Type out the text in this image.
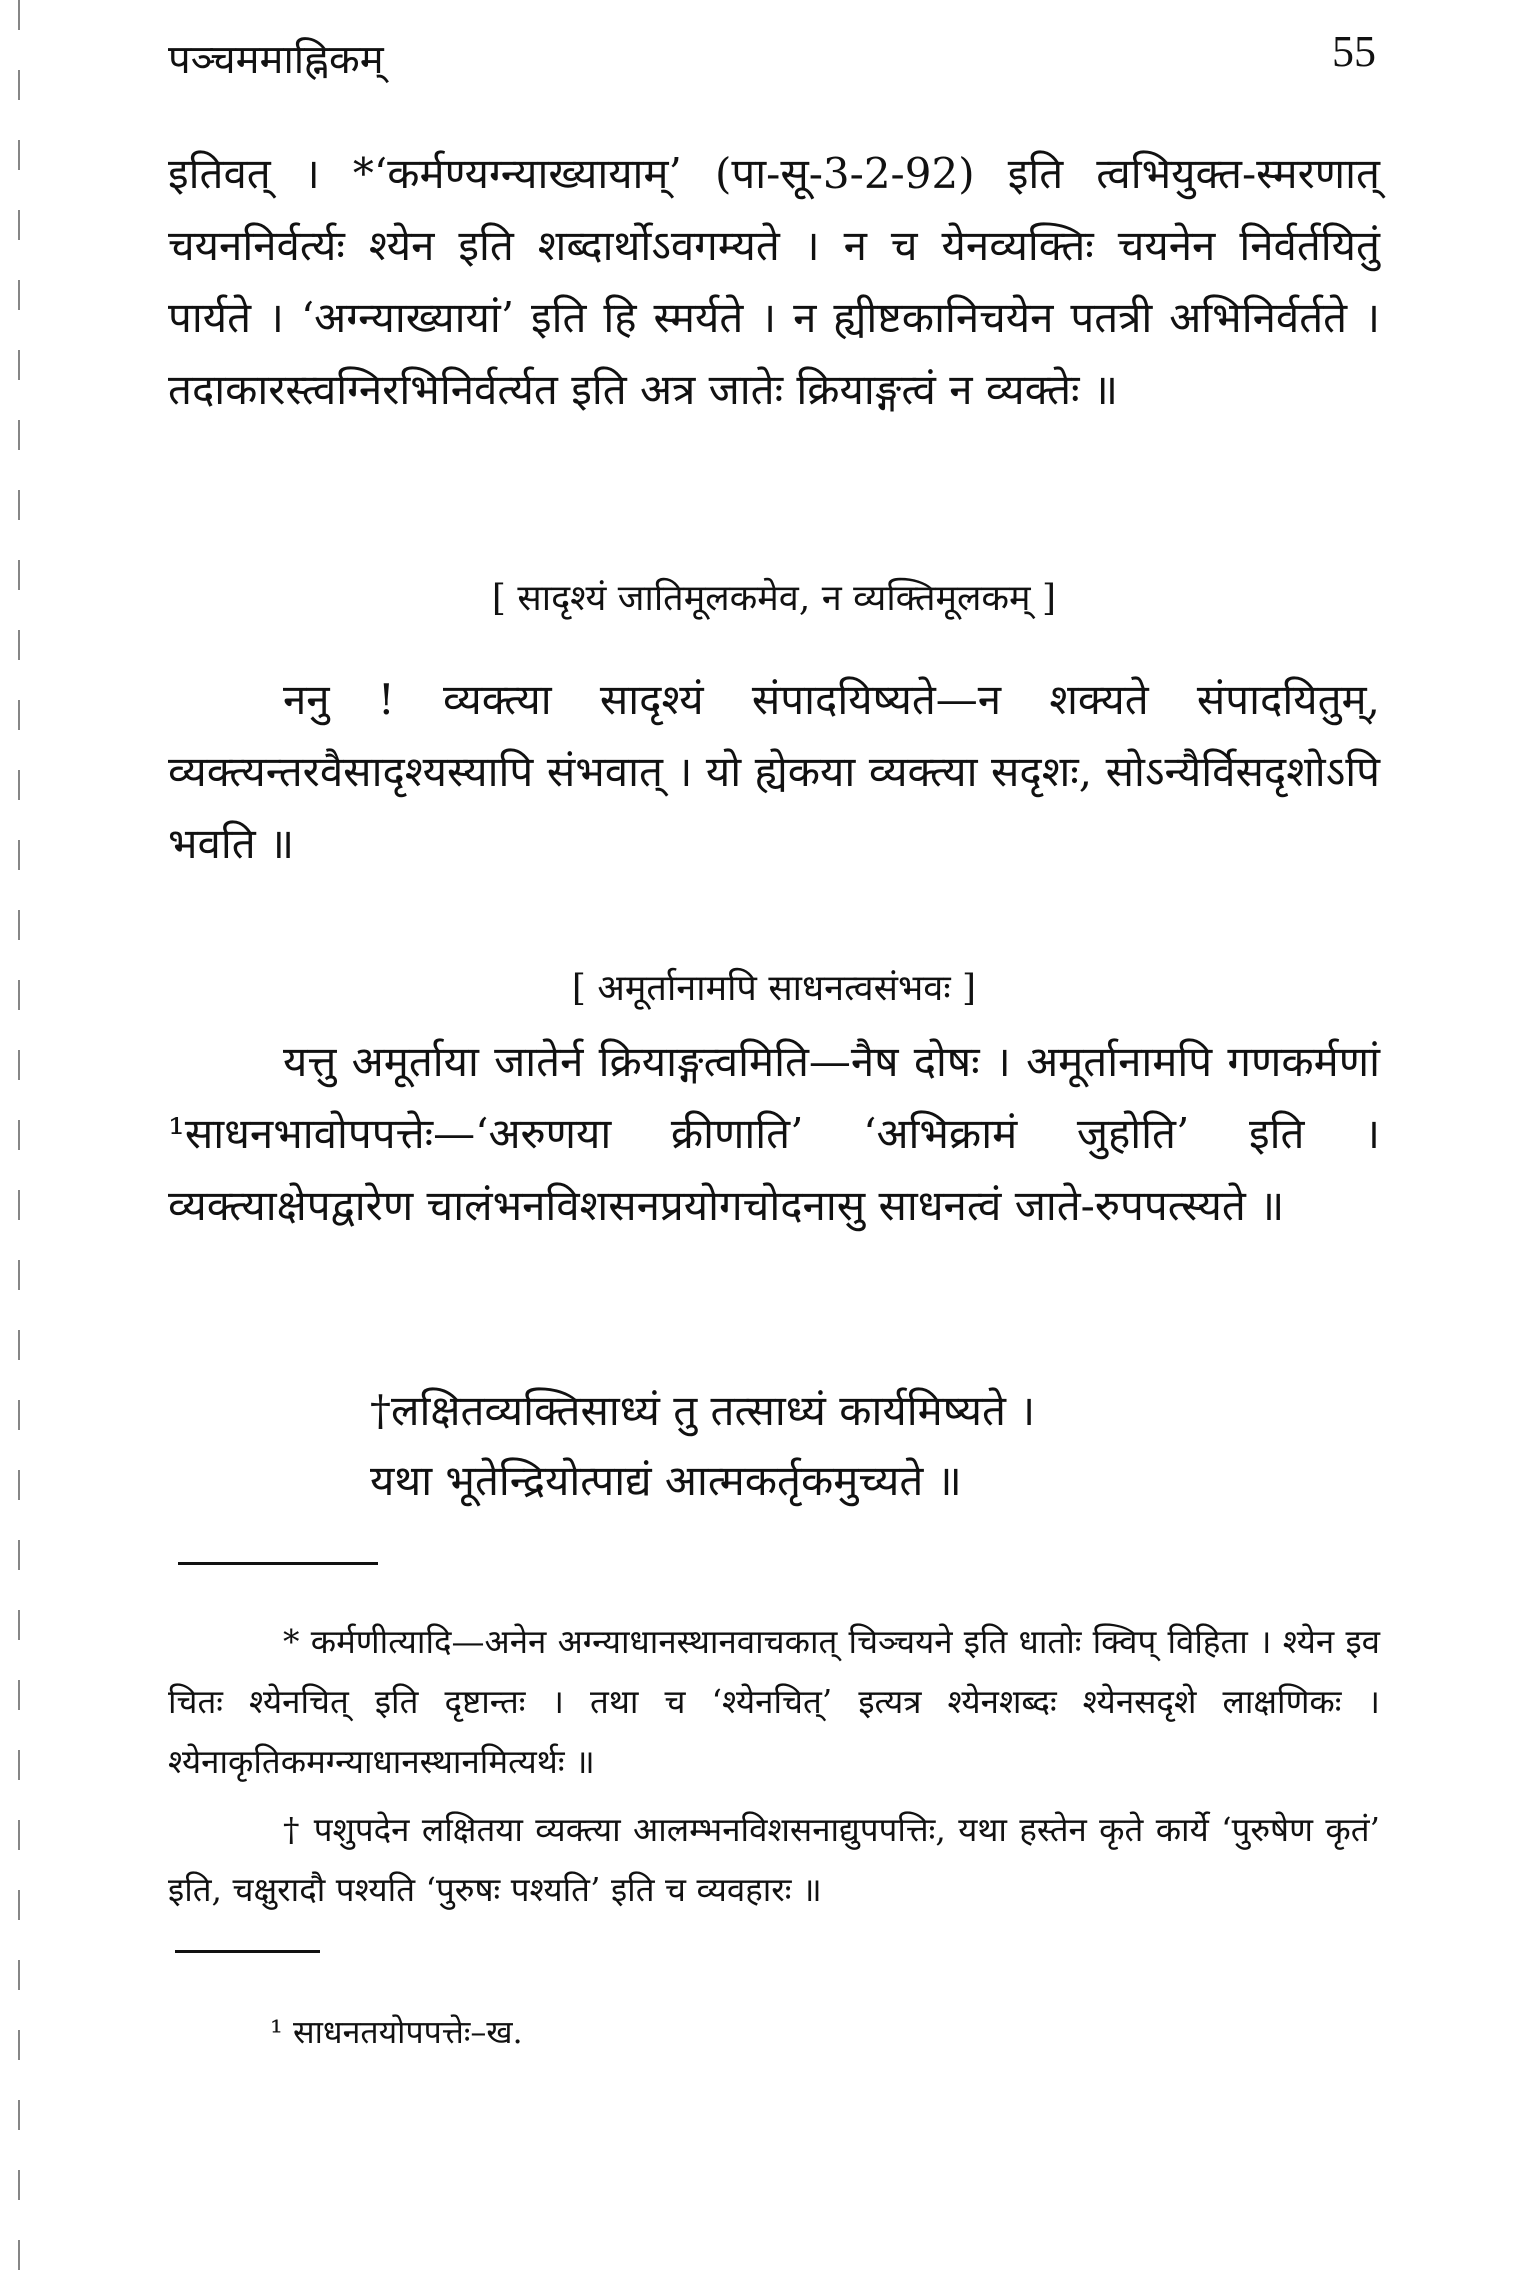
पञ्चममाह्निकम्	55

इतिवत् । *‘कर्मण्यग्न्याख्यायाम्’ (पा-सू-3-2-92) इति त्वभियुक्त-स्मरणात् चयननिर्वर्त्यः श्येन इति शब्दार्थोऽवगम्यते । न च येनव्यक्तिः चयनेन निर्वर्तयितुं पार्यते । ‘अग्न्याख्यायां’ इति हि स्मर्यते । न ह्यीष्टकानिचयेन पतत्री अभिनिर्वर्तते । तदाकारस्त्वग्निरभिनिर्वर्त्यत इति अत्र जातेः क्रियाङ्गत्वं न व्यक्तेः ॥

[ सादृश्यं जातिमूलकमेव, न व्यक्तिमूलकम् ]

ननु ! व्यक्त्या सादृश्यं संपादयिष्यते—न शक्यते संपादयितुम्, व्यक्त्यन्तरवैसादृश्यस्यापि संभवात् । यो ह्येकया व्यक्त्या सदृशः, सोऽन्यैर्विसदृशोऽपि भवति ॥

[ अमूर्तानामपि साधनत्वसंभवः ]

यत्तु अमूर्ताया जातेर्न क्रियाङ्गत्वमिति—नैष दोषः । अमूर्तानामपि गणकर्मणां ¹साधनभावोपपत्तेः—‘अरुणया क्रीणाति’ ‘अभिक्रामं जुहोति’ इति । व्यक्त्याक्षेपद्वारेण चालंभनविशसनप्रयोगचोदनासु साधनत्वं जाते-रुपपत्स्यते ॥

†लक्षितव्यक्तिसाध्यं तु तत्साध्यं कार्यमिष्यते ।
यथा भूतेन्द्रियोत्पाद्यं आत्मकर्तृकमुच्यते ॥

* कर्मणीत्यादि—अनेन अग्न्याधानस्थानवाचकात् चिञ्चयने इति धातोः क्विप् विहिता । श्येन इव चितः श्येनचित् इति दृष्टान्तः । तथा च ‘श्येनचित्’ इत्यत्र श्येनशब्दः श्येनसदृशे लाक्षणिकः । श्येनाकृतिकमग्न्याधानस्थानमित्यर्थः ॥

† पशुपदेन लक्षितया व्यक्त्या आलम्भनविशसनाद्युपपत्तिः, यथा हस्तेन कृते कार्ये ‘पुरुषेण कृतं’ इति, चक्षुरादौ पश्यति ‘पुरुषः पश्यति’ इति च व्यवहारः ॥

¹ साधनतयोपपत्तेः–ख.
